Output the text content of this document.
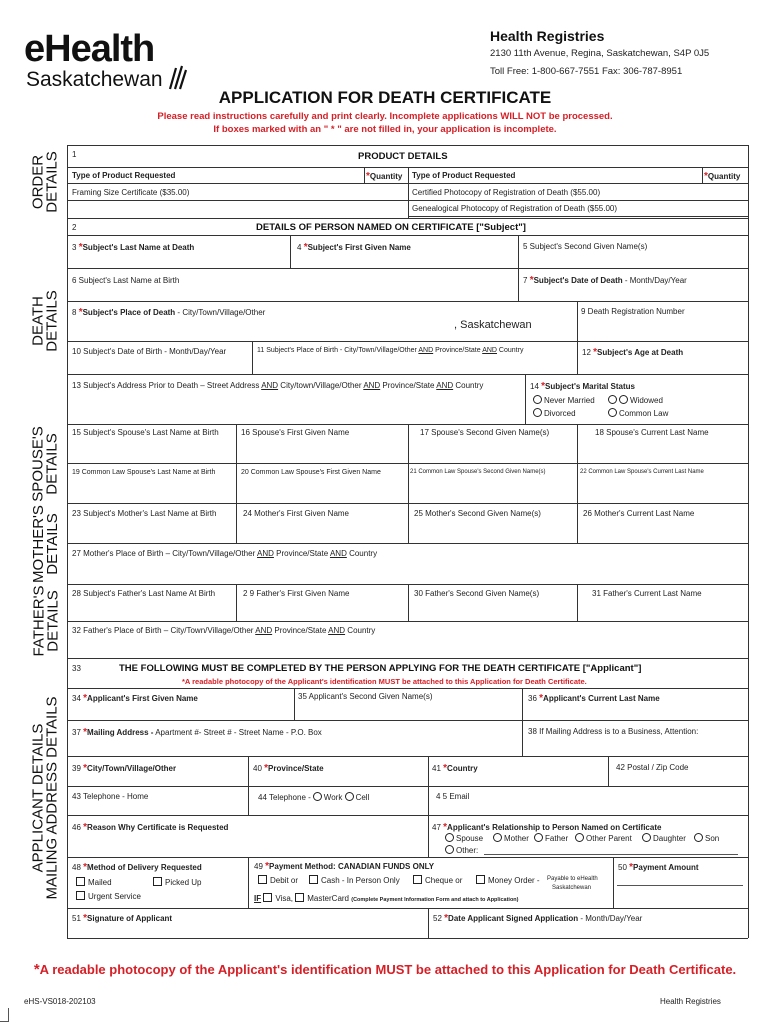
eHealth
Saskatchewan
Health Registries
2130 11th Avenue, Regina, Saskatchewan, S4P 0J5
Toll Free: 1-800-667-7551 Fax: 306-787-8951
APPLICATION FOR DEATH CERTIFICATE
Please read instructions carefully and print clearly. Incomplete applications WILL NOT be processed.
If boxes marked with an " * " are not filled in, your application is incomplete.
ORDER
DETAILS
DEATH
DETAILS
SPOUSE'S
DETAILS
MOTHER'S
DETAILS
FATHER'S
DETAILS
APPLICANT DETAILS
MAILING ADDRESS DETAILS
1	PRODUCT DETAILS
Type of Product Requested	*Quantity Type of Product Requested	*Quantity
Framing Size Certificate ($35.00)	Certified Photocopy of Registration of Death ($55.00)
Genealogical Photocopy of Registration of Death ($55.00)
2	DETAILS OF PERSON NAMED ON CERTIFICATE ["Subject"]
3 *Subject's Last Name at Death	4 *Subject's First Given Name	5 Subject's Second Given Name(s)
6 Subject's Last Name at Birth	7 *Subject's Date of Death - Month/Day/Year
8 *Subject's Place of Death - City/Town/Village/Other
, Saskatchewan
9 Death Registration Number
10 Subject's Date of Birth - Month/Day/Year	11 Subject's Place of Birth - City/Town/Village/Other AND Province/State AND Country	12 *Subject's Age at Death
13 Subject's Address Prior to Death – Street Address AND City/town/Village/Other AND Province/State AND Country	14 *Subject's Marital Status
Never Married	Widowed
Divorced	Common Law
15 Subject's Spouse's Last Name at Birth	16 Spouse's First Given Name	17 Spouse's Second Given Name(s)	18 Spouse's Current Last Name
19 Common Law Spouse's Last Name at Birth	20 Common Law Spouse's First Given Name	21 Common Law Spouse's Second Given Name(s)	22 Common Law Spouse's Current Last Name
23 Subject's Mother's Last Name at Birth	24 Mother's First Given Name	25 Mother's Second Given Name(s)	26 Mother's Current Last Name
27 Mother's Place of Birth – City/Town/Village/Other AND Province/State AND Country
28 Subject's Father's Last Name At Birth	2 9 Father's First Given Name	30 Father's Second Given Name(s)	31 Father's Current Last Name
32 Father's Place of Birth – City/Town/Village/Other AND Province/State AND Country
33	THE FOLLOWING MUST BE COMPLETED BY THE PERSON APPLYING FOR THE DEATH CERTIFICATE ["Applicant"]
*A readable photocopy of the Applicant's identification MUST be attached to this Application for Death Certificate.
34 *Applicant's First Given Name	35 Applicant's Second Given Name(s)	36 *Applicant's Current Last Name
37 *Mailing Address - Apartment #- Street # - Street Name - P.O. Box	38 If Mailing Address is to a Business, Attention:
39 *City/Town/Village/Other	40 *Province/State	41 *Country	42 Postal / Zip Code
43 Telephone - Home	44 Telephone - Work Cell	4 5 Email
46 *Reason Why Certificate is Requested	47 *Applicant's Relationship to Person Named on Certificate
Spouse	Mother	Father	Other Parent	Daughter	Son
Other:
48 *Method of Delivery Requested
Mailed	Picked Up
Urgent Service
49 *Payment Method: CANADIAN FUNDS ONLY
Debit or	Cash - In Person Only	Cheque or	Money Order - Payable to eHealth
Saskatchewan
IF Visa, MasterCard (Complete Payment Information Form and attach to Application)
50 *Payment Amount
51 *Signature of Applicant	52 *Date Applicant Signed Application - Month/Day/Year
*A readable photocopy of the Applicant's identification MUST be attached to this Application for Death Certificate.
eHS-VS018-202103	Health Registries
